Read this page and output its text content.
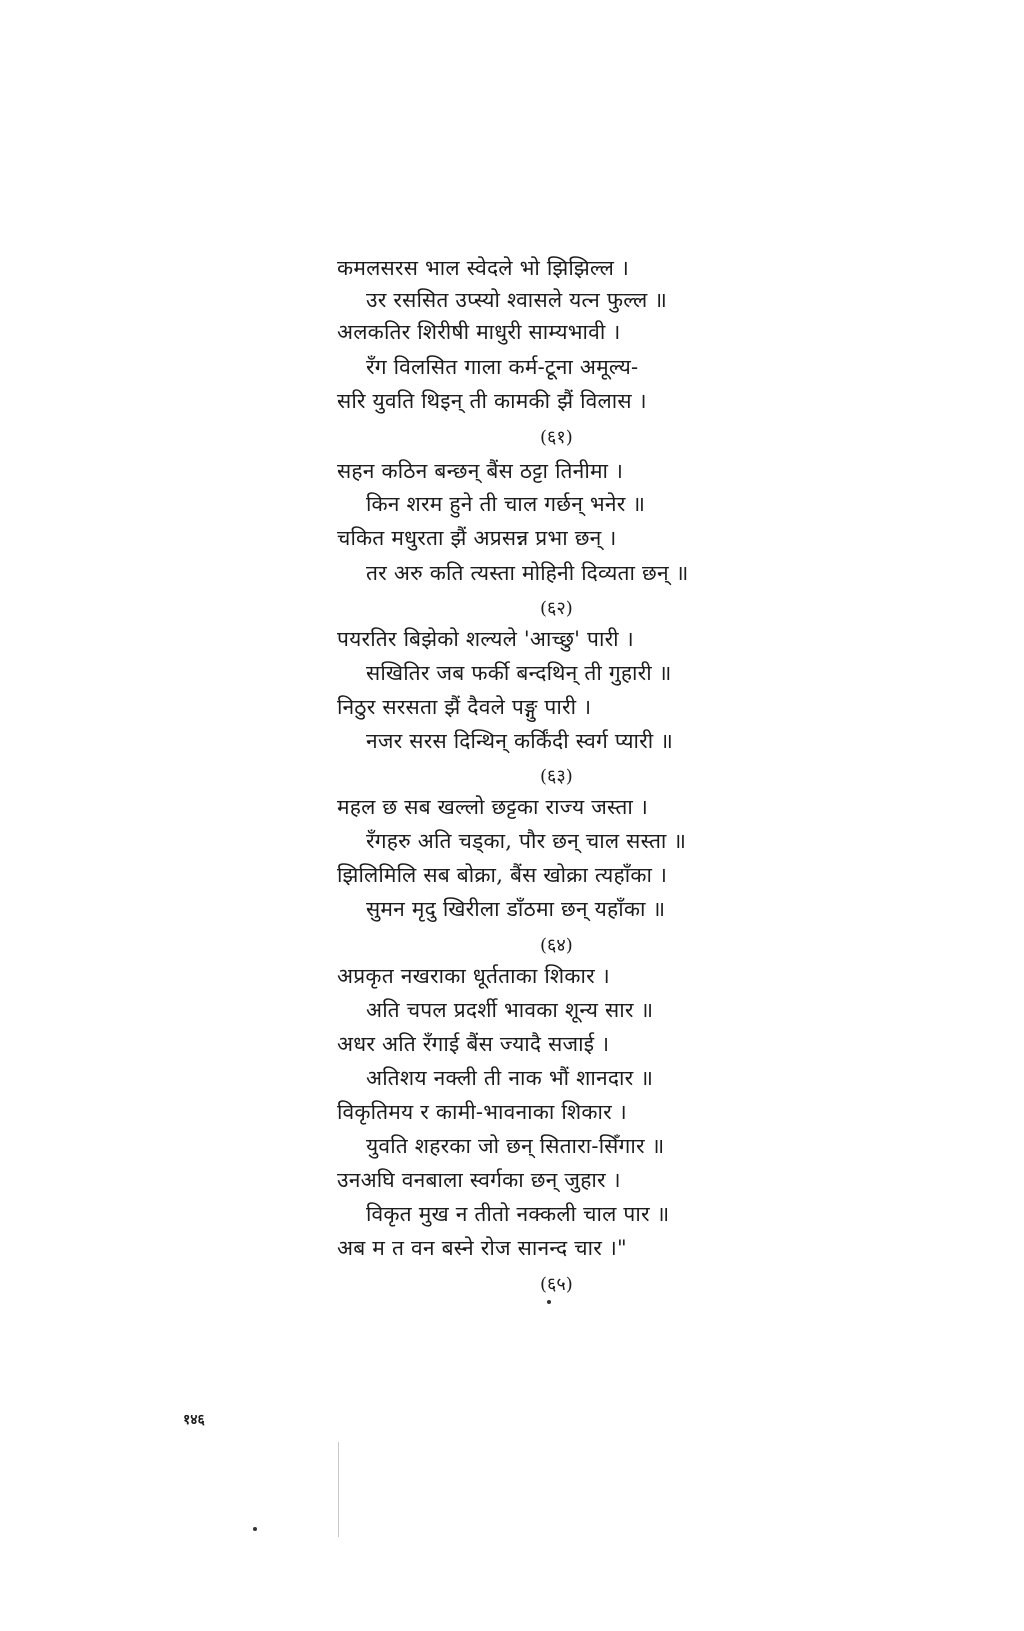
कमलसरस भाल स्वेदले भो झिझिल्ल ।
उर रससित उप्स्यो श्वासले यत्न फुल्ल ॥
अलकतिर शिरीषी माधुरी साम्यभावी ।
रँग विलसित गाला कर्म-टूना अमूल्य-
सरि युवति थिइन् ती कामकी झैं विलास ।
(६१)
सहन कठिन बन्छन् बैंस ठट्टा तिनीमा ।
किन शरम हुने ती चाल गर्छन् भनेर ॥
चकित मधुरता झैं अप्रसन्न प्रभा छन् ।
तर अरु कति त्यस्ता मोहिनी दिव्यता छन् ॥
(६२)
पयरतिर बिझेको शल्यले 'आच्छु' पारी ।
सखितिर जब फर्की बन्दथिन् ती गुहारी ॥
निठुर सरसता झैं दैवले पङ्गु पारी ।
नजर सरस दिन्थिन् कर्किंदी स्वर्ग प्यारी ॥
(६३)
महल छ सब खल्लो छट्टका राज्य जस्ता ।
रँगहरु अति चड्का, पौर छन् चाल सस्ता ॥
झिलिमिलि सब बोक्रा, बैंस खोक्रा त्यहाँका ।
सुमन मृदु खिरीला डाँठमा छन् यहाँका ॥
(६४)
अप्रकृत नखराका धूर्तताका शिकार ।
अति चपल प्रदर्शी भावका शून्य सार ॥
अधर अति रँगाई बैंस ज्यादै सजाई ।
अतिशय नक्ली ती नाक भौं शानदार ॥
विकृतिमय र कामी-भावनाका शिकार ।
युवति शहरका जो छन् सितारा-सिँगार ॥
उनअघि वनबाला स्वर्गका छन् जुहार ।
विकृत मुख न तीतो नक्कली चाल पार ॥
अब म त वन बस्ने रोज सानन्द चार ।"
(६५)
१४६
